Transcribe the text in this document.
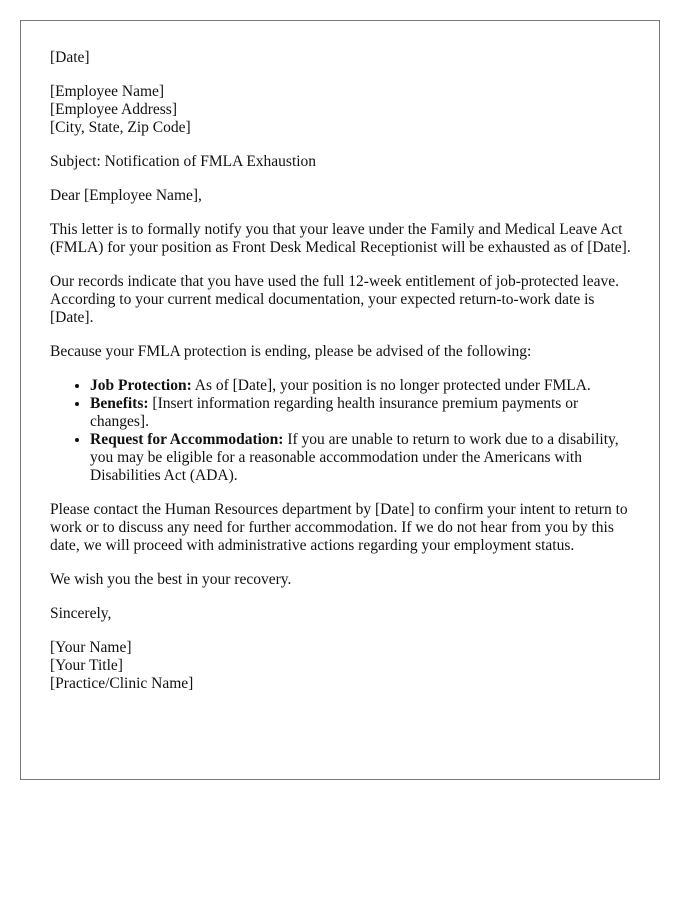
[Date]

[Employee Name]
[Employee Address]
[City, State, Zip Code]

Subject: Notification of FMLA Exhaustion

Dear [Employee Name],

This letter is to formally notify you that your leave under the Family and Medical Leave Act (FMLA) for your position as Front Desk Medical Receptionist will be exhausted as of [Date].

Our records indicate that you have used the full 12-week entitlement of job-protected leave. According to your current medical documentation, your expected return-to-work date is [Date].

Because your FMLA protection is ending, please be advised of the following:

• Job Protection: As of [Date], your position is no longer protected under FMLA.
• Benefits: [Insert information regarding health insurance premium payments or changes].
• Request for Accommodation: If you are unable to return to work due to a disability, you may be eligible for a reasonable accommodation under the Americans with Disabilities Act (ADA).

Please contact the Human Resources department by [Date] to confirm your intent to return to work or to discuss any need for further accommodation. If we do not hear from you by this date, we will proceed with administrative actions regarding your employment status.

We wish you the best in your recovery.

Sincerely,

[Your Name]
[Your Title]
[Practice/Clinic Name]
